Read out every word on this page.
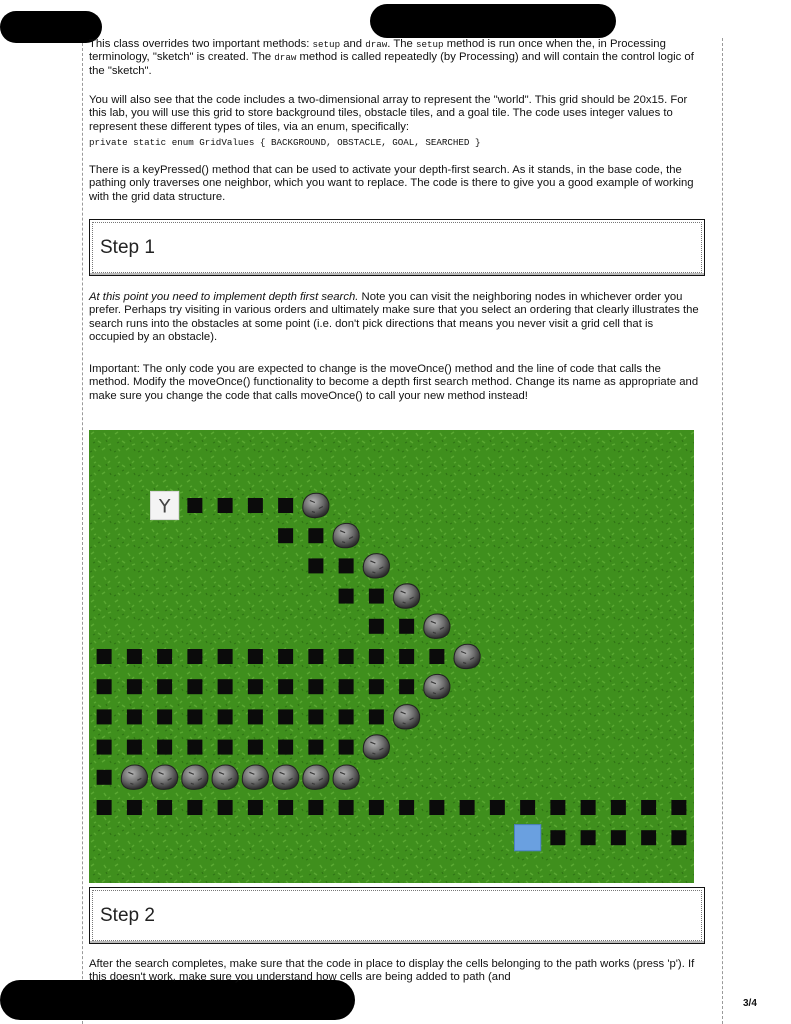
This class overrides two important methods: setup and draw. The setup method is run once when the, in Processing terminology, "sketch" is created. The draw method is called repeatedly (by Processing) and will contain the control logic of the "sketch".

You will also see that the code includes a two-dimensional array to represent the "world". This grid should be 20x15. For this lab, you will use this grid to store background tiles, obstacle tiles, and a goal tile. The code uses integer values to represent these different types of tiles, via an enum, specifically:

private static enum GridValues { BACKGROUND, OBSTACLE, GOAL, SEARCHED }

There is a keyPressed() method that can be used to activate your depth-first search. As it stands, in the base code, the pathing only traverses one neighbor, which you want to replace. The code is there to give you a good example of working with the grid data structure.

Step 1

At this point you need to implement depth first search. Note you can visit the neighboring nodes in whichever order you prefer. Perhaps try visiting in various orders and ultimately make sure that you select an ordering that clearly illustrates the search runs into the obstacles at some point (i.e. don't pick directions that means you never visit a grid cell that is occupied by an obstacle).

Important: The only code you are expected to change is the moveOnce() method and the line of code that calls the method. Modify the moveOnce() functionality to become a depth first search method. Change its name as appropriate and make sure you change the code that calls moveOnce() to call your new method instead!

Y
Step 2

After the search completes, make sure that the code in place to display the cells belonging to the path works (press 'p'). If this doesn't work, make sure you understand how cells are being added to path (and

3/4
